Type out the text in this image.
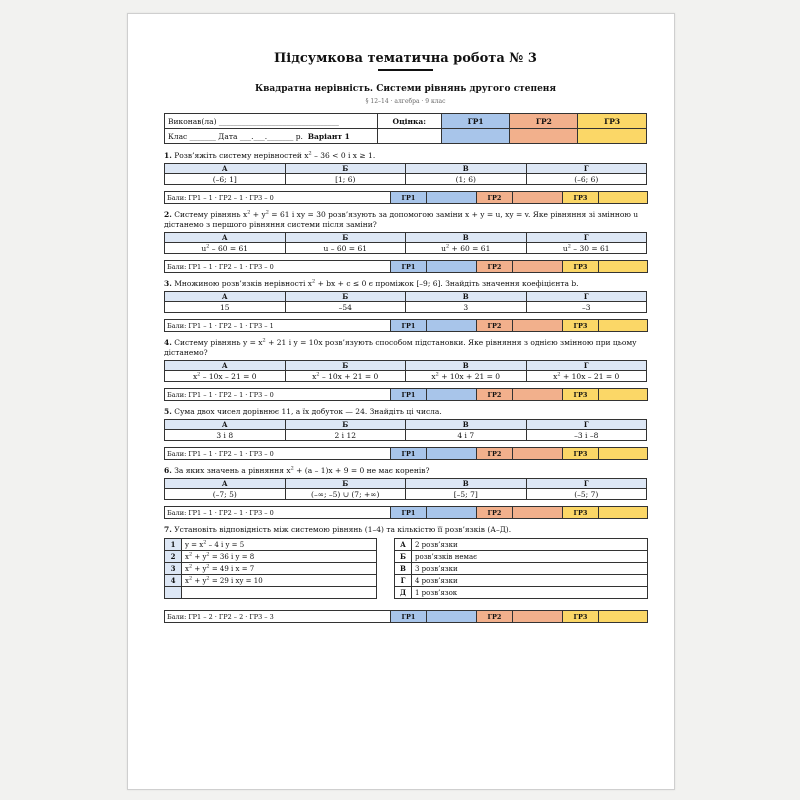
Підсумкова тематична робота № 3
Квадратна нерівність. Системи рівнянь другого степеня
§ 12–14 · алгебра · 9 клас
Виконав(ла) ________________________________	Оцінка:	ГР1	ГР2	ГР3
Клас _______ Дата ___.___._______ р. Варіант 1				
1. Розв’яжіть систему нерівностей $x^2 - 36 < 0$ і x ≥ 1.
А	Б	В	Г
(–6; 1]	[1; 6)	(1; 6)	(–6; 6)
Бали: ГР1 – 1 · ГР2 – 1 · ГР3 – 0	ГР1		ГР2		ГР3	
2. Систему рівнянь $x^2 + y^2 = 61$ і xy = 30 розв’язують за допомогою заміни x + y = u, xy = v. Яке рівняння зі змінною u дістанемо з першого рівняння системи після заміни?
А	Б	В	Г
$u^2 - 60 = 61$	u – 60 = 61	$u^2 + 60 = 61$	$u^2 - 30 = 61$
Бали: ГР1 – 1 · ГР2 – 1 · ГР3 – 0	ГР1		ГР2		ГР3	
3. Множиною розв’язків нерівності $x^2$ + bx + c ≤ 0 є проміжок [–9; 6]. Знайдіть значення коефіцієнта b.
А	Б	В	Г
15	–54	3	–3
Бали: ГР1 – 1 · ГР2 – 1 · ГР3 – 1	ГР1		ГР2		ГР3	
4. Систему рівнянь $y = x^2 + 21$ і y = 10x розв’язують способом підстановки. Яке рівняння з однією змінною при цьому дістанемо?
А	Б	В	Г
$x^2 - 10x - 21 = 0$	$x^2 - 10x + 21 = 0$	$x^2 + 10x + 21 = 0$	$x^2 + 10x - 21 = 0$
Бали: ГР1 – 1 · ГР2 – 1 · ГР3 – 0	ГР1		ГР2		ГР3	
5. Сума двох чисел дорівнює 11, а їх добуток — 24. Знайдіть ці числа.
А	Б	В	Г
3 і 8	2 і 12	4 і 7	–3 і –8
Бали: ГР1 – 1 · ГР2 – 1 · ГР3 – 0	ГР1		ГР2		ГР3	
6. За яких значень a рівняння $x^2 + (a - 1)x + 9 = 0$ не має коренів?
А	Б	В	Г
(–7; 5)	(–∞; –5) ∪ (7; +∞)	[–5; 7]	(–5; 7)
Бали: ГР1 – 1 · ГР2 – 1 · ГР3 – 0	ГР1		ГР2		ГР3	
7. Установіть відповідність між системою рівнянь (1–4) та кількістю її розв’язків (А–Д).
1	$y = x^2 - 4$ і y = 5		А	2 розв’язки
2	$x^2 + y^2 = 36$ і y = 8		Б	розв’язків немає
3	$x^2 + y^2 = 49$ і x = 7		В	3 розв’язки
4	$x^2 + y^2 = 29$ і xy = 10		Г	4 розв’язки
			Д	1 розв’язок
Бали: ГР1 – 2 · ГР2 – 2 · ГР3 – 3	ГР1		ГР2		ГР3	
